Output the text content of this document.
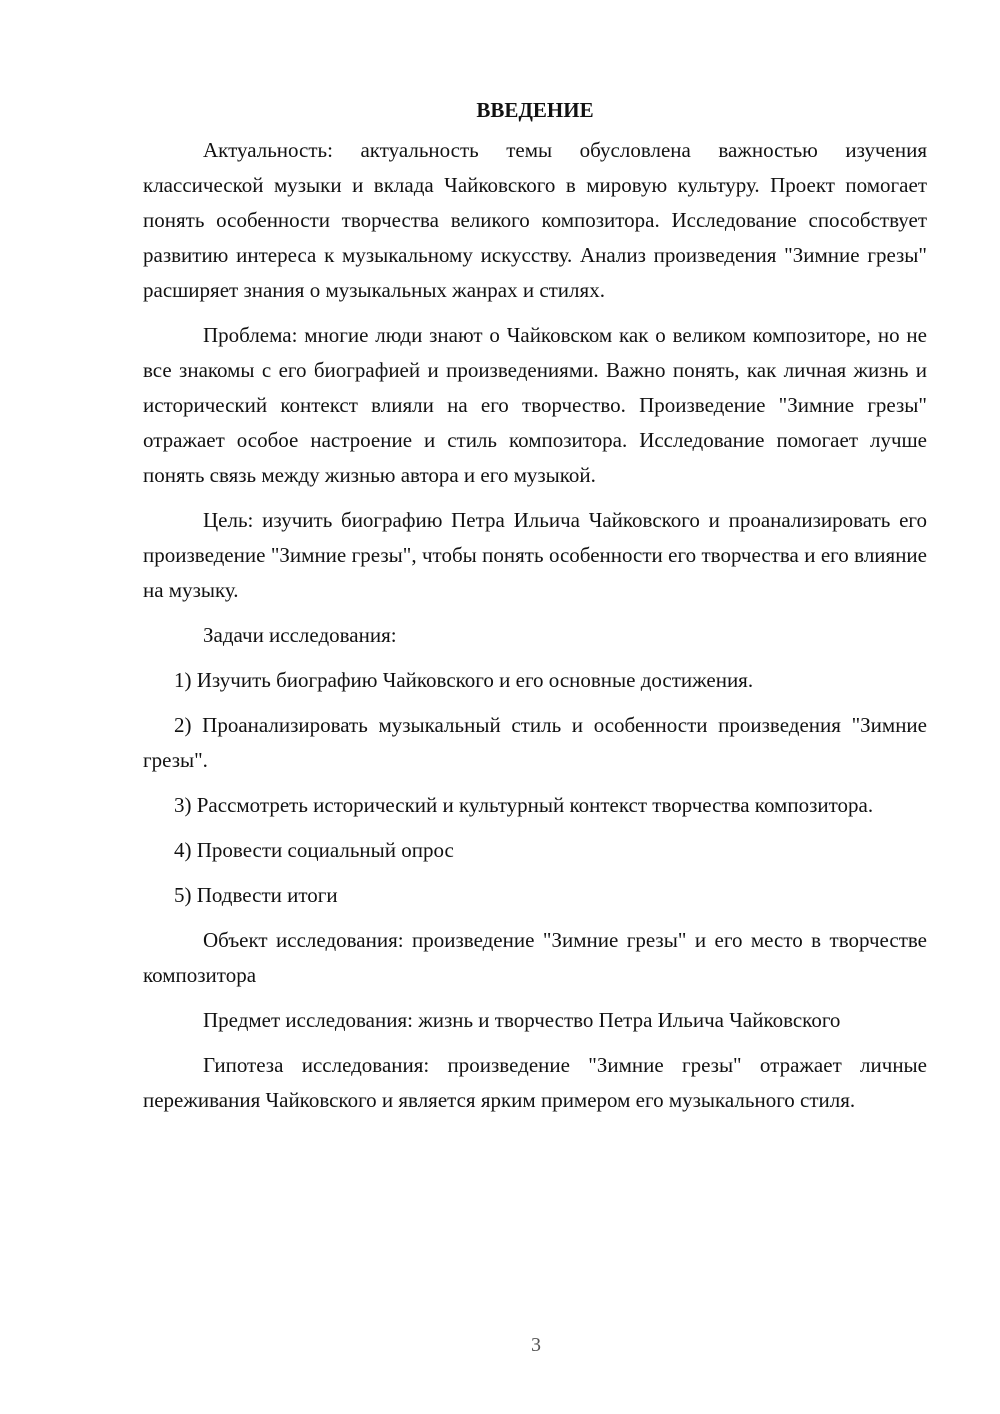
ВВЕДЕНИЕ

Актуальность: актуальность темы обусловлена важностью изучения классической музыки и вклада Чайковского в мировую культуру. Проект помогает понять особенности творчества великого композитора. Исследование способствует развитию интереса к музыкальному искусству. Анализ произведения "Зимние грезы" расширяет знания о музыкальных жанрах и стилях.

Проблема: многие люди знают о Чайковском как о великом композиторе, но не все знакомы с его биографией и произведениями. Важно понять, как личная жизнь и исторический контекст влияли на его творчество. Произведение "Зимние грезы" отражает особое настроение и стиль композитора. Исследование помогает лучше понять связь между жизнью автора и его музыкой.

Цель: изучить биографию Петра Ильича Чайковского и проанализировать его произведение "Зимние грезы", чтобы понять особенности его творчества и его влияние на музыку.

Задачи исследования:

1) Изучить биографию Чайковского и его основные достижения.

2) Проанализировать музыкальный стиль и особенности произведения "Зимние грезы".

3) Рассмотреть исторический и культурный контекст творчества композитора.

4) Провести социальный опрос

5) Подвести итоги

Объект исследования: произведение "Зимние грезы" и его место в творчестве композитора

Предмет исследования: жизнь и творчество Петра Ильича Чайковского

Гипотеза исследования: произведение "Зимние грезы" отражает личные переживания Чайковского и является ярким примером его музыкального стиля.

3
